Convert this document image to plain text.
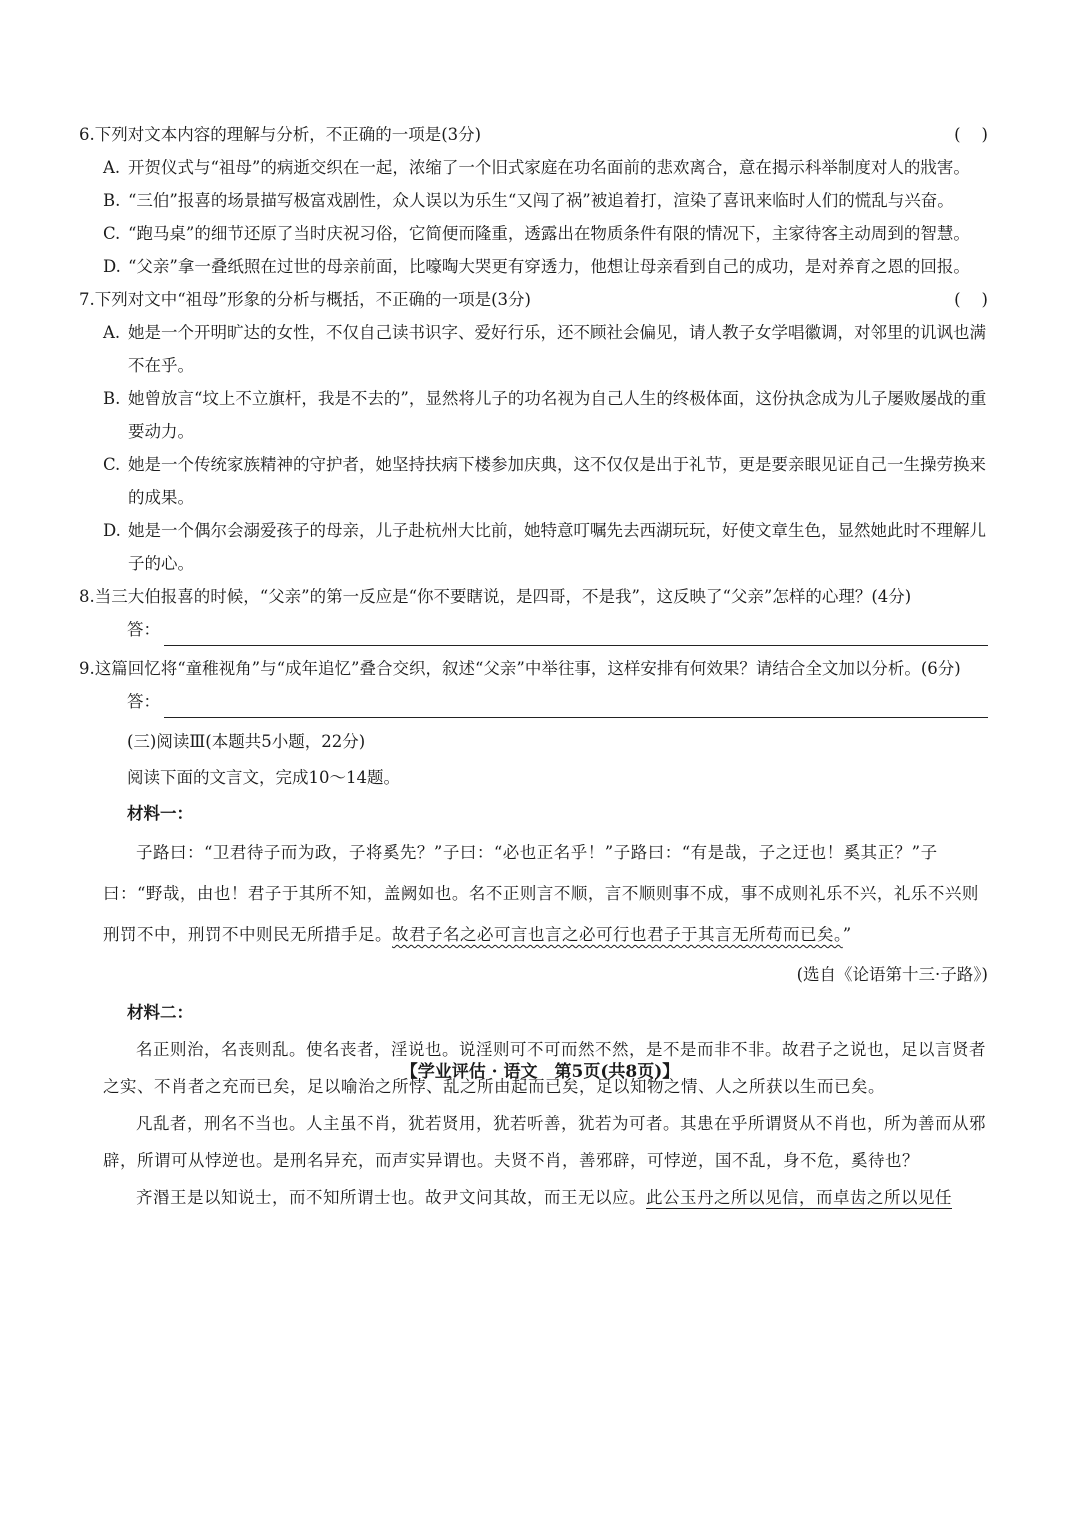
6.下列对文本内容的理解与分析，不正确的一项是(3分)	(    )
A. 开贺仪式与“祖母”的病逝交织在一起，浓缩了一个旧式家庭在功名面前的悲欢离合，意在揭示科举制度对人的戕害。
B. “三伯”报喜的场景描写极富戏剧性，众人误以为乐生“又闯了祸”被追着打，渲染了喜讯来临时人们的慌乱与兴奋。
C. “跑马桌”的细节还原了当时庆祝习俗，它简便而隆重，透露出在物质条件有限的情况下，主家待客主动周到的智慧。
D. “父亲”拿一叠纸照在过世的母亲前面，比嚎啕大哭更有穿透力，他想让母亲看到自己的成功，是对养育之恩的回报。
7.下列对文中“祖母”形象的分析与概括，不正确的一项是(3分)	(    )
A. 她是一个开明旷达的女性，不仅自己读书识字、爱好行乐，还不顾社会偏见，请人教子女学唱徽调，对邻里的讥讽也满不在乎。
B. 她曾放言“坟上不立旗杆，我是不去的”，显然将儿子的功名视为自己人生的终极体面，这份执念成为儿子屡败屡战的重要动力。
C. 她是一个传统家族精神的守护者，她坚持扶病下楼参加庆典，这不仅仅是出于礼节，更是要亲眼见证自己一生操劳换来的成果。
D. 她是一个偶尔会溺爱孩子的母亲，儿子赴杭州大比前，她特意叮嘱先去西湖玩玩，好使文章生色，显然她此时不理解儿子的心。
8.当三大伯报喜的时候，“父亲”的第一反应是“你不要瞎说，是四哥，不是我”，这反映了“父亲”怎样的心理？(4分)
答：
9.这篇回忆将“童稚视角”与“成年追忆”叠合交织，叙述“父亲”中举往事，这样安排有何效果？请结合全文加以分析。(6分)
答：
(三)阅读Ⅲ(本题共5小题，22分)
阅读下面的文言文，完成10～14题。
材料一：

子路曰：“卫君待子而为政，子将奚先？”子曰：“必也正名乎！”子路曰：“有是哉，子之迂也！奚其正？”子曰：“野哉，由也！君子于其所不知，盖阙如也。名不正则言不顺，言不顺则事不成，事不成则礼乐不兴，礼乐不兴则刑罚不中，刑罚不中则民无所措手足。故君子名之必可言也言之必可行也君子于其言无所苟而已矣。”

(选自《论语第十三·子路》)
材料二：

名正则治，名丧则乱。使名丧者，淫说也。说淫则可不可而然不然，是不是而非不非。故君子之说也，足以言贤者之实、不肖者之充而已矣，足以喻治之所悖、乱之所由起而已矣，足以知物之情、人之所获以生而已矣。

凡乱者，刑名不当也。人主虽不肖，犹若贤用，犹若听善，犹若为可者。其患在乎所谓贤从不肖也，所为善而从邪辟，所谓可从悖逆也。是刑名异充，而声实异谓也。夫贤不肖，善邪辟，可悖逆，国不乱，身不危，奚待也？

齐湣王是以知说士，而不知所谓士也。故尹文问其故，而王无以应。此公玉丹之所以见信，而卓齿之所以见任

【学业评估 · 语文　第5页(共8页)】
